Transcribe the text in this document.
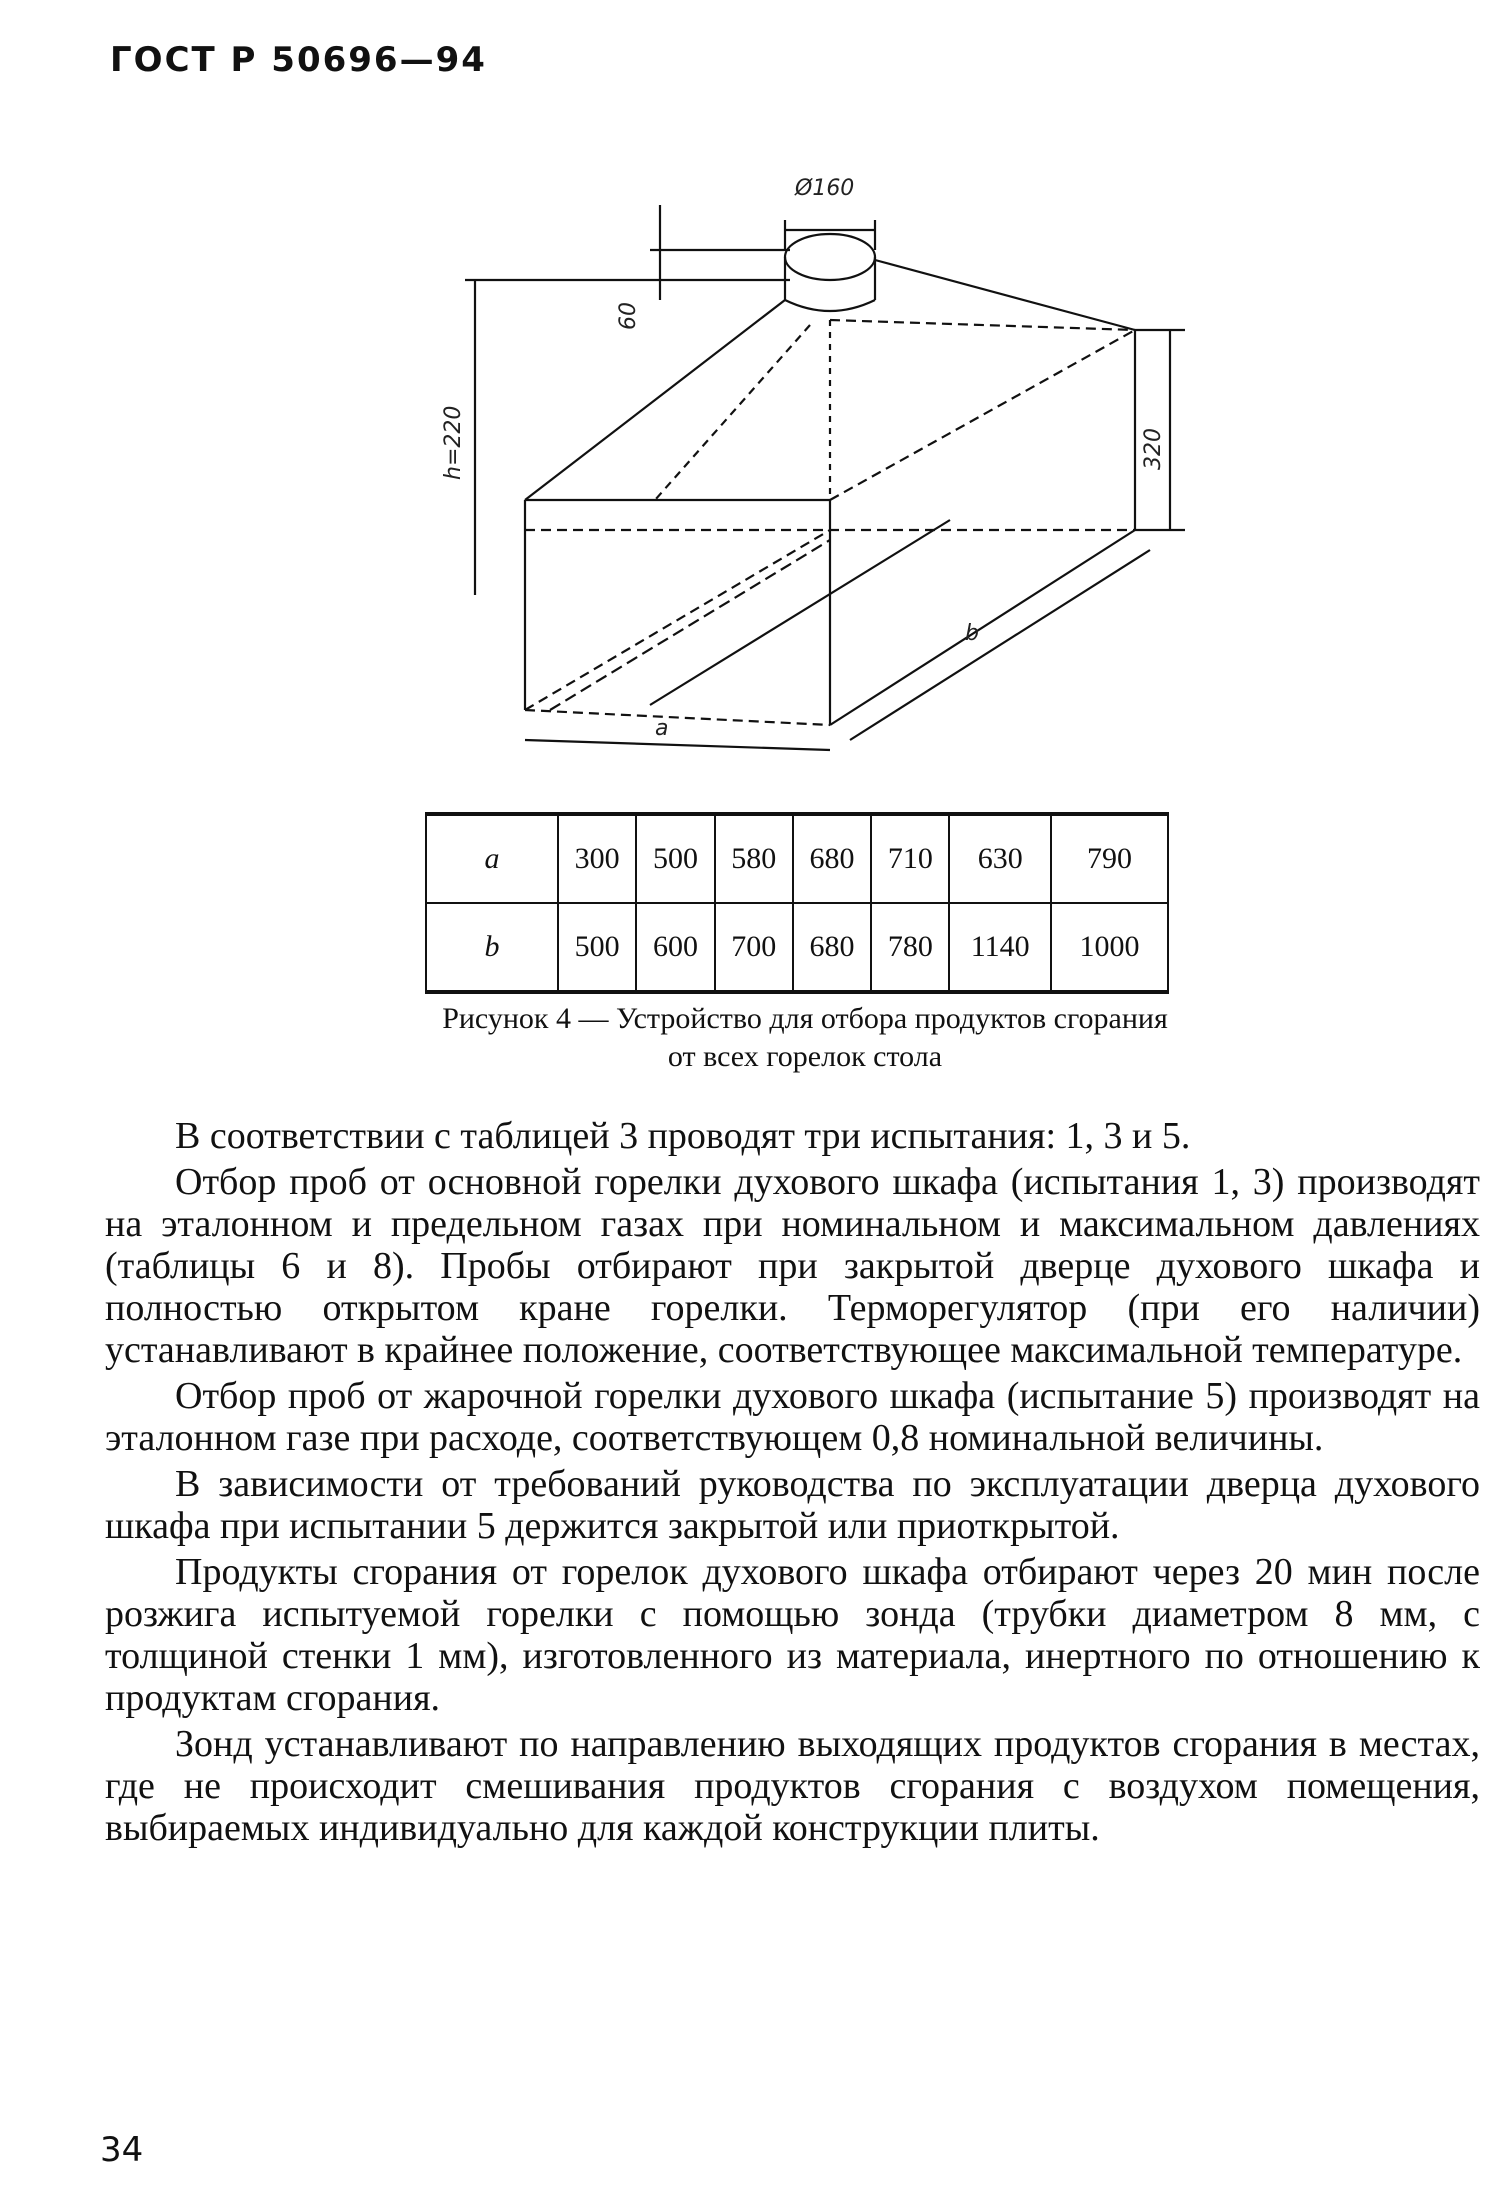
ГОСТ Р 50696—94
Ø160
60
h=220	320
a
b
a	300	500	580	680	710	630	790
b	500	600	700	680	780	1140	1000
Рисунок 4 — Устройство для отбора продуктов сгорания от всех горелок стола

В соответствии с таблицей 3 проводят три испытания: 1, 3 и 5.

Отбор проб от основной горелки духового шкафа (испытания 1, 3) производят на эталонном и предельном газах при номинальном и максимальном давлениях (таблицы 6 и 8). Пробы отбирают при закрытой дверце духового шкафа и полностью открытом кране горелки. Терморегулятор (при его наличии) устанавливают в крайнее положение, соответствующее максимальной температуре.

Отбор проб от жарочной горелки духового шкафа (испытание 5) производят на эталонном газе при расходе, соответствующем 0,8 номинальной величины.

В зависимости от требований руководства по эксплуатации дверца духового шкафа при испытании 5 держится закрытой или приоткрытой.

Продукты сгорания от горелок духового шкафа отбирают через 20 мин после розжига испытуемой горелки с помощью зонда (трубки диаметром 8 мм, с толщиной стенки 1 мм), изготовленного из материала, инертного по отношению к продуктам сгорания.

Зонд устанавливают по направлению выходящих продуктов сгорания в местах, где не происходит смешивания продуктов сгорания с воздухом помещения, выбираемых индивидуально для каждой конструкции плиты.

34
